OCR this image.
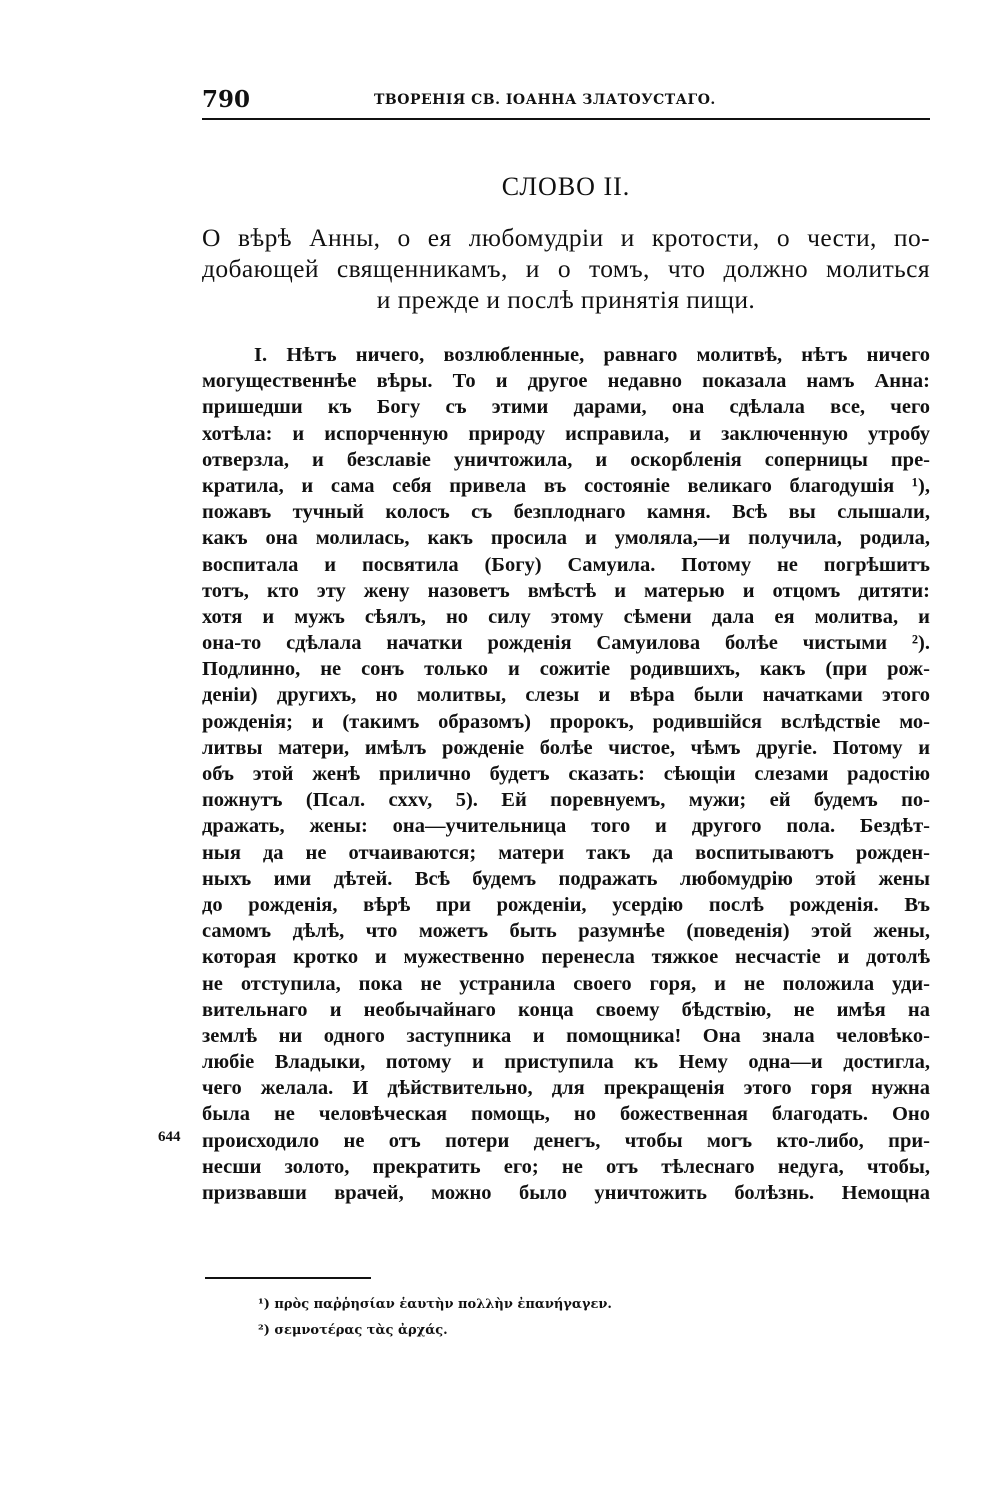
790	ТВОРЕНІЯ СВ. ІОАННА ЗЛАТОУСТАГО.
СЛОВО II.
О вѣрѣ Анны, о ея любомудріи и кротости, о чести, по-
добающей священникамъ, и о томъ, что должно молиться
и прежде и послѣ принятія пищи.
I. Нѣтъ ничего, возлюбленные, равнаго молитвѣ, нѣтъ ничего
могущественнѣе вѣры. То и другое недавно показала намъ Анна:
пришедши къ Богу съ этими дарами, она сдѣлала все, чего
хотѣла: и испорченную природу исправила, и заключенную утробу
отверзла, и безславіе уничтожила, и оскорбленія соперницы пре-
кратила, и сама себя привела въ состояніе великаго благодушія ¹),
пожавъ тучный колосъ съ безплоднаго камня. Всѣ вы слышали,
какъ она молилась, какъ просила и умоляла,—и получила, родила,
воспитала и посвятила (Богу) Самуила. Потому не погрѣшитъ
тотъ, кто эту жену назоветъ вмѣстѣ и матерью и отцомъ дитяти:
хотя и мужъ сѣялъ, но силу этому сѣмени дала ея молитва, и
она-то сдѣлала начатки рожденія Самуилова болѣе чистыми ²).
Подлинно, не сонъ только и сожитіе родившихъ, какъ (при рож-
деніи) другихъ, но молитвы, слезы и вѣра были начатками этого
рожденія; и (такимъ образомъ) пророкъ, родившійся вслѣдствіе мо-
литвы матери, имѣлъ рожденіе болѣе чистое, чѣмъ другіе. Потому и
объ этой женѣ прилично будетъ сказать: сѣющіи слезами радостію
пожнутъ (Псал. cxxv, 5). Ей поревнуемъ, мужи; ей будемъ по-
дражать, жены: она—учительница того и другого пола. Бездѣт-
ныя да не отчаиваются; матери такъ да воспитываютъ рожден-
ныхъ ими дѣтей. Всѣ будемъ подражать любомудрію этой жены
до рожденія, вѣрѣ при рожденіи, усердію послѣ рожденія. Въ
самомъ дѣлѣ, что можетъ быть разумнѣе (поведенія) этой жены,
которая кротко и мужественно перенесла тяжкое несчастіе и дотолѣ
не отступила, пока не устранила своего горя, и не положила уди-
вительнаго и необычайнаго конца своему бѣдствію, не имѣя на
землѣ ни одного заступника и помощника! Она знала человѣко-
любіе Владыки, потому и приступила къ Нему одна—и достигла,
чего желала. И дѣйствительно, для прекращенія этого горя нужна
была не человѣческая помощь, но божественная благодать. Оно
происходило не отъ потери денегъ, чтобы могъ кто-либо, при-
несши золото, прекратить его; не отъ тѣлеснаго недуга, чтобы,
призвавши врачей, можно было уничтожить болѣзнь. Немощна
644
¹) πρὸς παῤῥησίαν ἑαυτὴν πολλὴν ἐπανήγαγεν.
²) σεμνοτέρας τὰς ἀρχάς.
